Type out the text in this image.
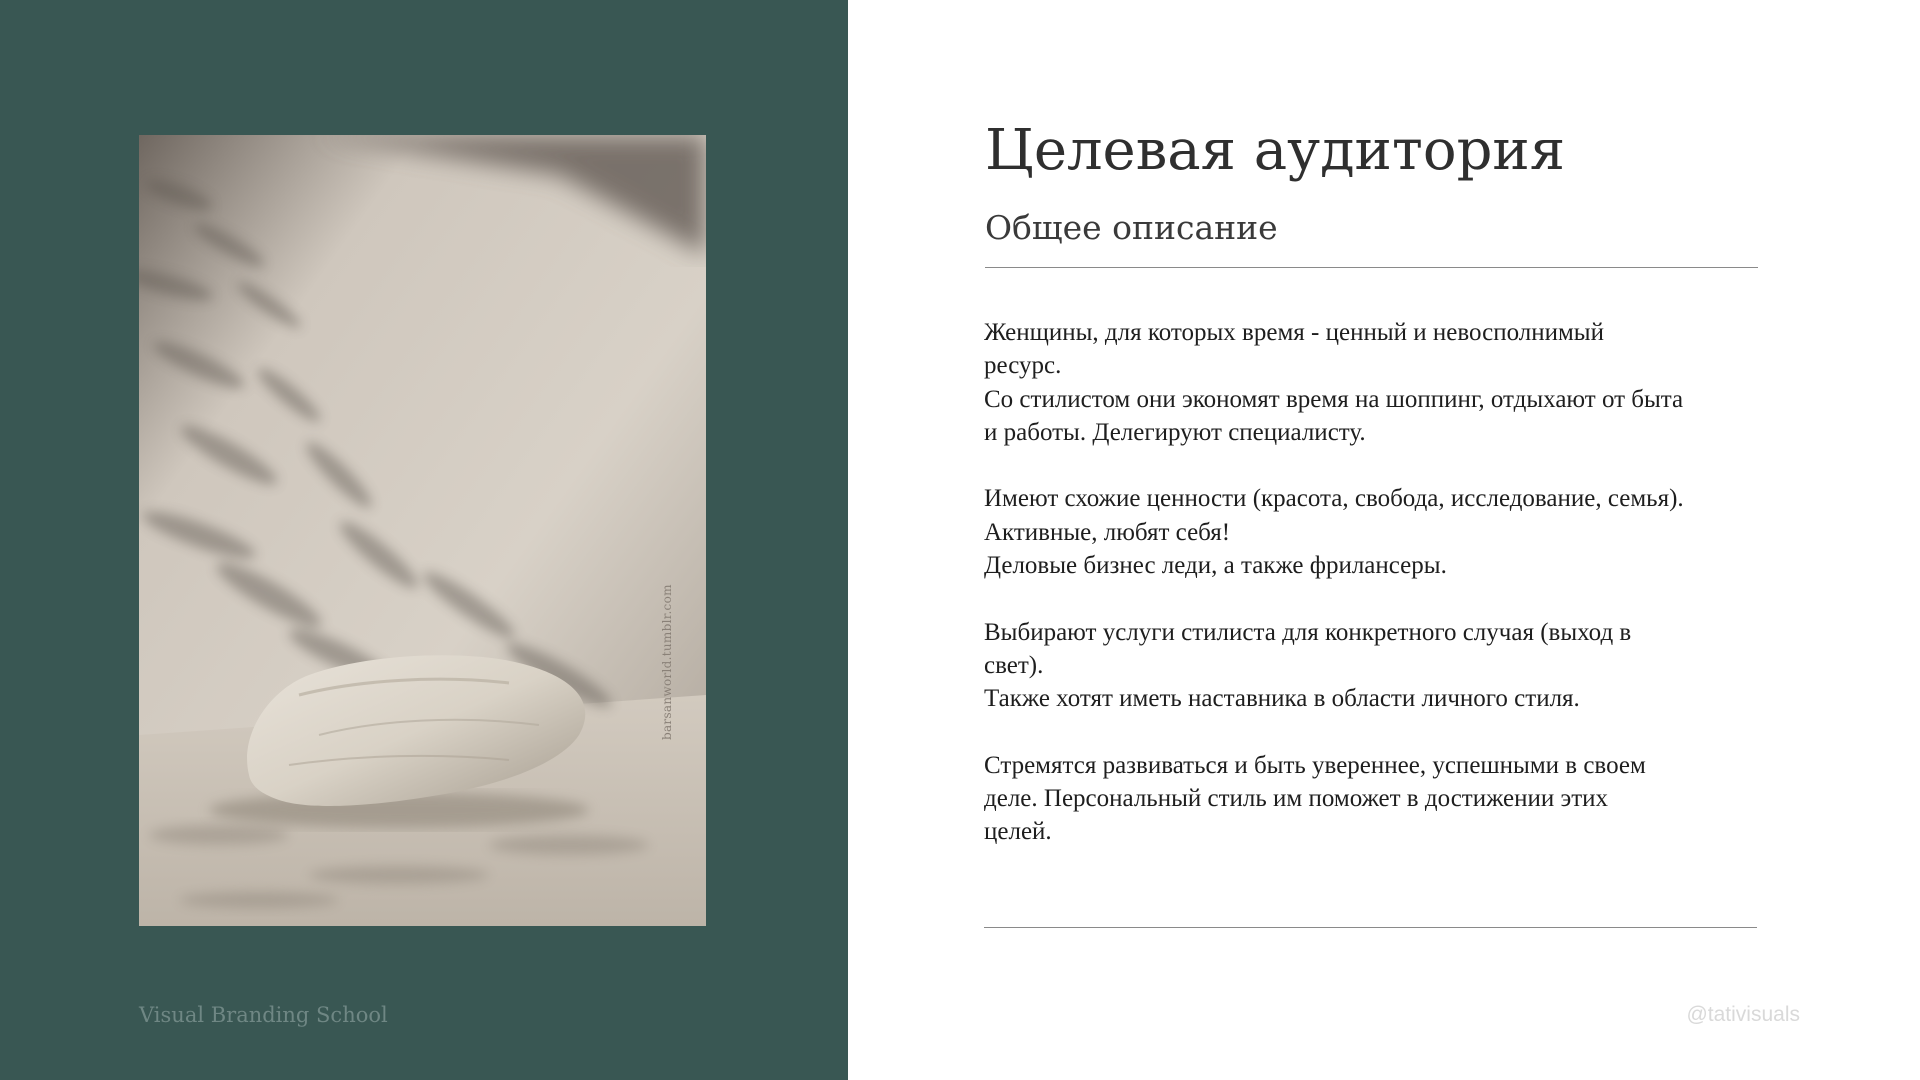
barsanworld.tumblr.com
Visual Branding School
Целевая аудитория
Общее описание

Женщины, для которых время - ценный и невосполнимый
ресурс.
Со стилистом они экономят время на шоппинг, отдыхают от быта
и работы. Делегируют специалисту.

Имеют схожие ценности (красота, свобода, исследование, семья).
Активные, любят себя!
Деловые бизнес леди, а также фрилансеры.

Выбирают услуги стилиста для конкретного случая (выход в
свет).
Также хотят иметь наставника в области личного стиля.

Стремятся развиваться и быть увереннее, успешными в своем
деле. Персональный стиль им поможет в достижении этих
целей.

@tativisuals
